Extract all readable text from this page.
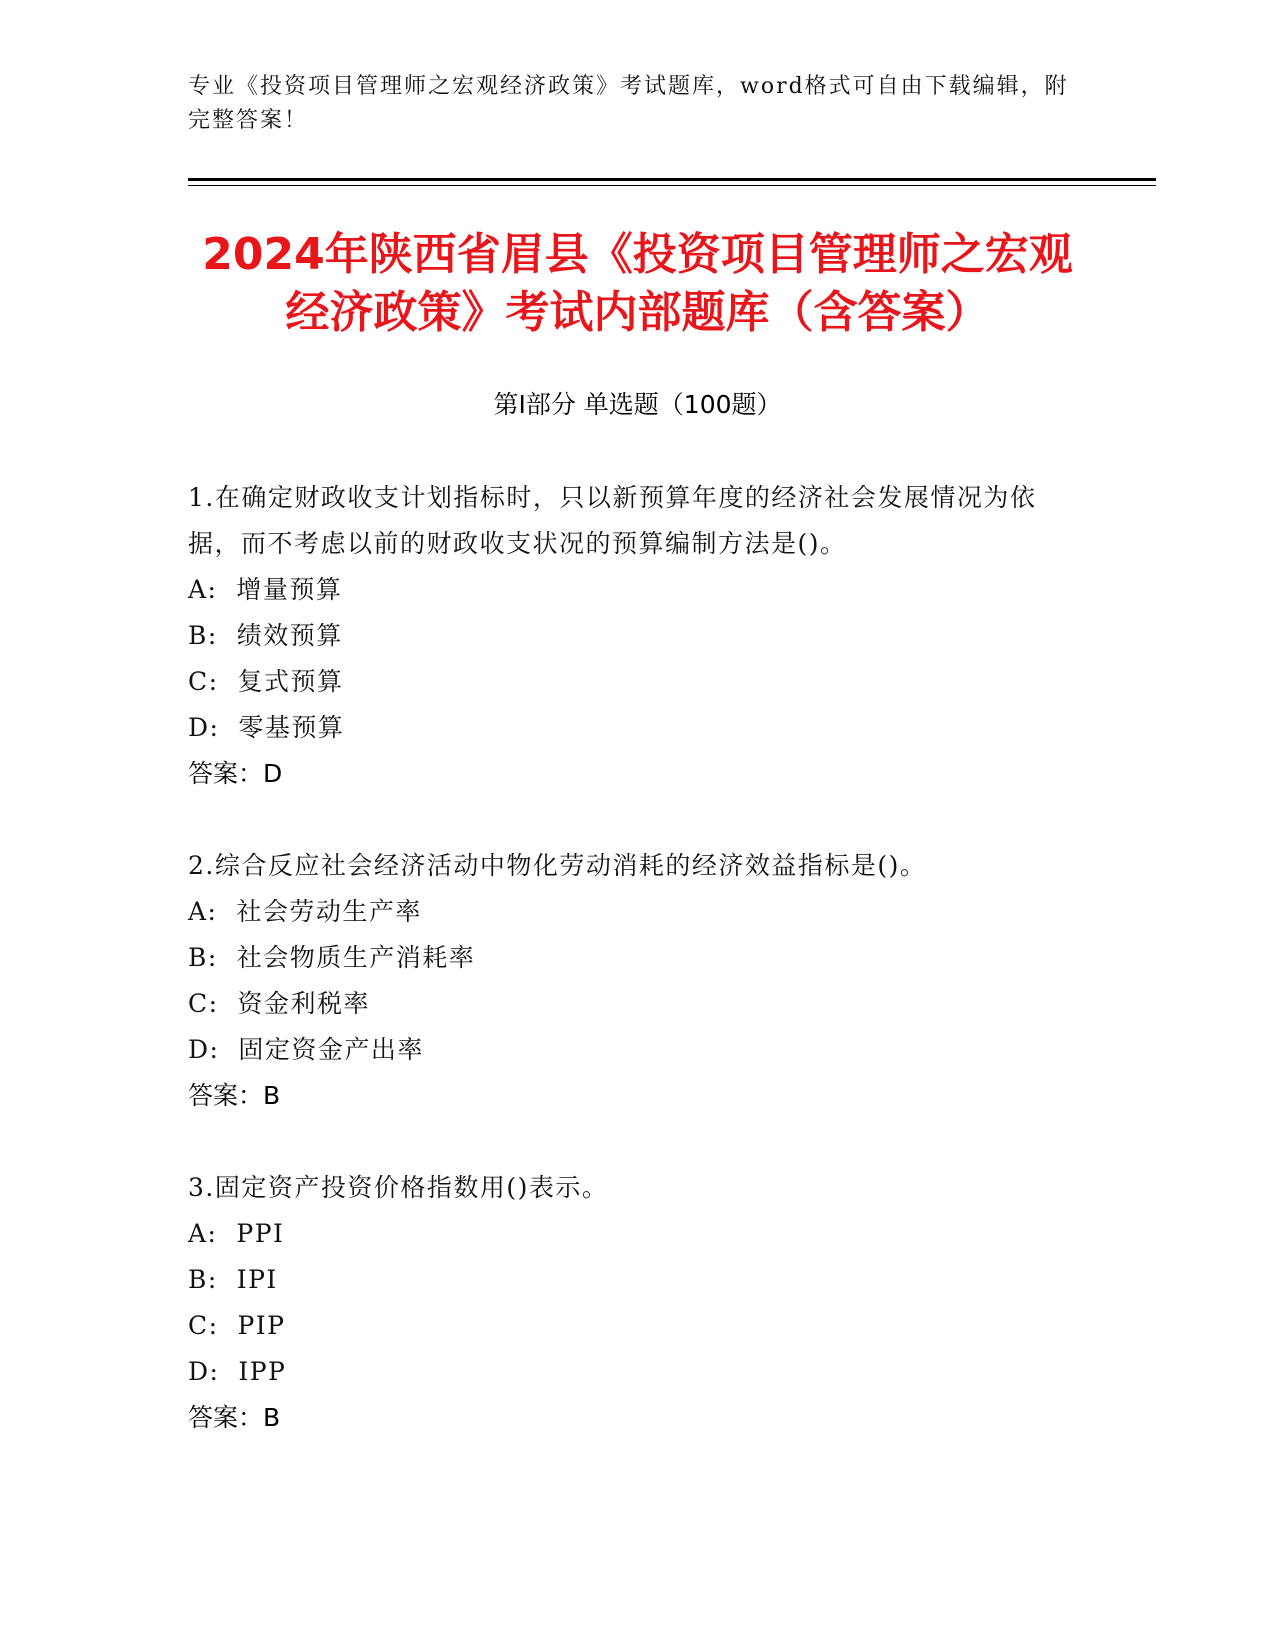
专业《投资项目管理师之宏观经济政策》考试题库，word格式可自由下载编辑，附完整答案！
2024年陕西省眉县《投资项目管理师之宏观
经济政策》考试内部题库（含答案）
第I部分 单选题（100题）
1.在确定财政收支计划指标时，只以新预算年度的经济社会发展情况为依据，而不考虑以前的财政收支状况的预算编制方法是()。
A:  增量预算
B:  绩效预算
C:  复式预算
D:  零基预算
答案：D
2.综合反应社会经济活动中物化劳动消耗的经济效益指标是()。
A:  社会劳动生产率
B:  社会物质生产消耗率
C:  资金利税率
D:  固定资金产出率
答案：B
3.固定资产投资价格指数用()表示。
A:  PPI
B:  IPI
C:  PIP
D:  IPP
答案：B
